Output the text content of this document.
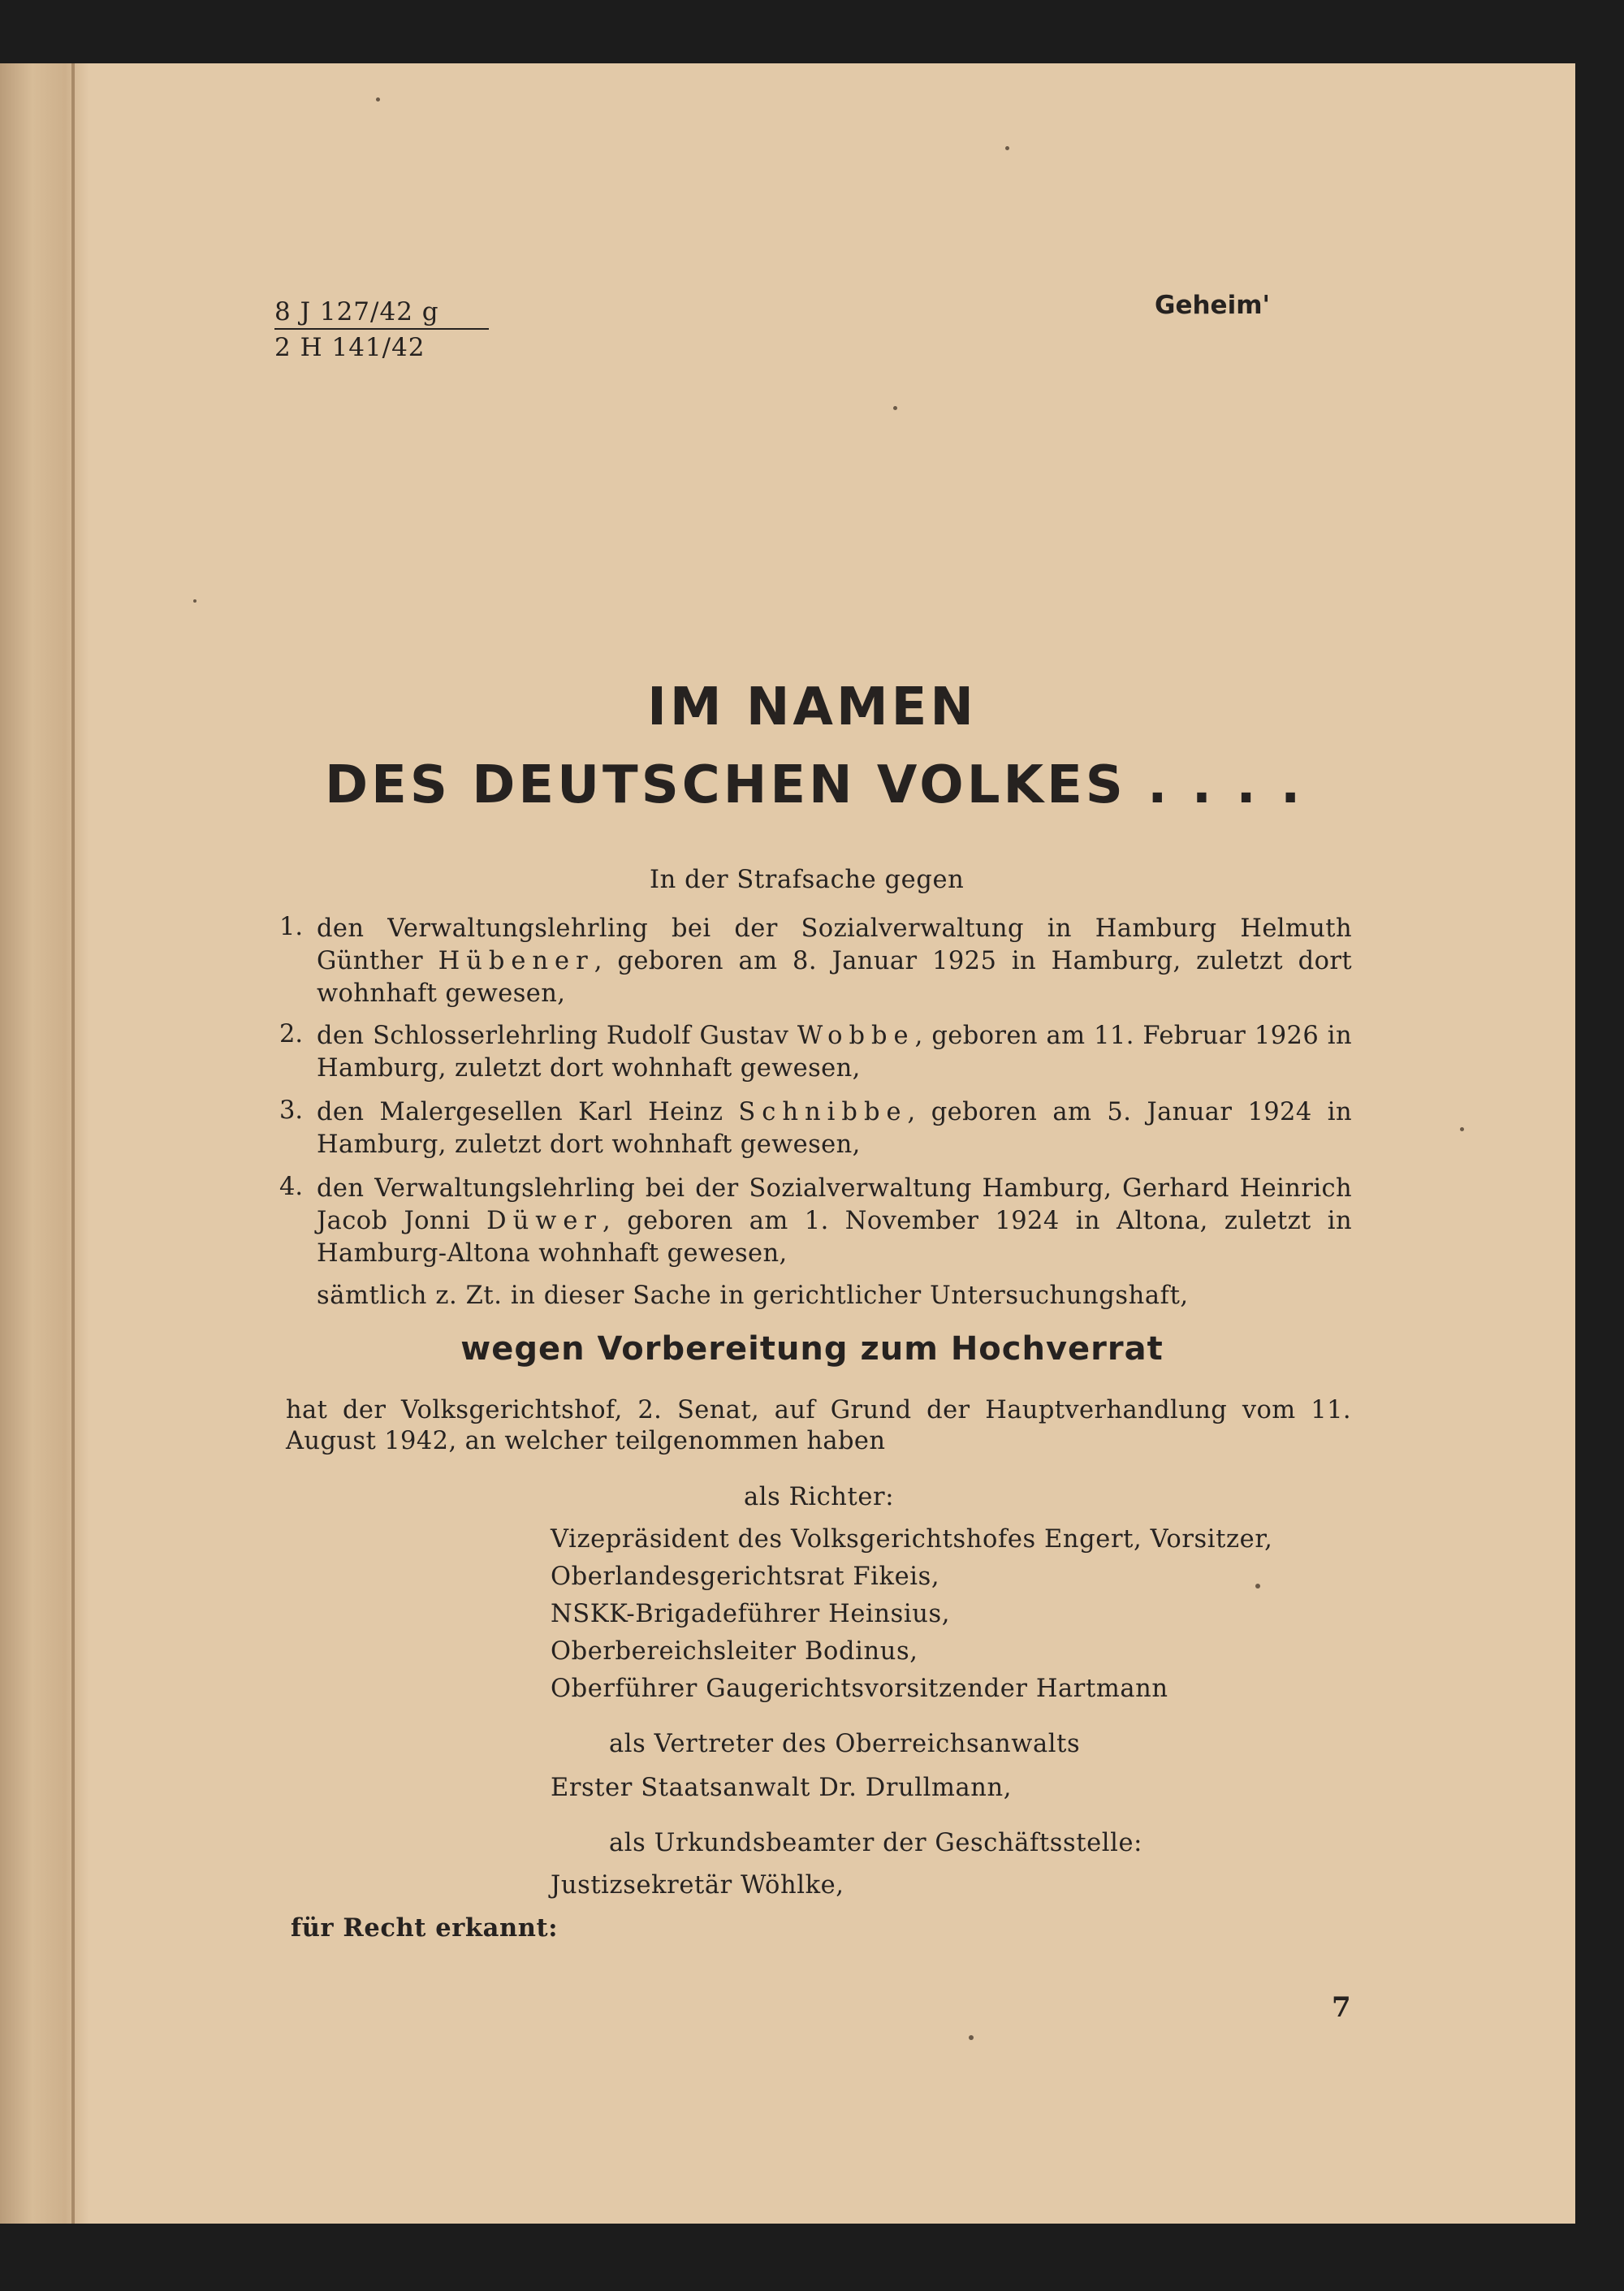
8 J 127/42 g
2 H 141/42
Geheim'
IM NAMEN
DES DEUTSCHEN VOLKES . . . .
In der Strafsache gegen
1. den Verwaltungslehrling bei der Sozialverwaltung in Hamburg Helmuth Günther Hübener, geboren am 8. Januar 1925 in Hamburg, zuletzt dort wohnhaft gewesen,
2. den Schlosserlehrling Rudolf Gustav Wobbe, geboren am 11. Februar 1926 in Hamburg, zuletzt dort wohnhaft gewesen,
3. den Malergesellen Karl Heinz Schnibbe, geboren am 5. Januar 1924 in Hamburg, zuletzt dort wohnhaft gewesen,
4. den Verwaltungslehrling bei der Sozialverwaltung Hamburg, Gerhard Heinrich Jacob Jonni Düwer, geboren am 1. November 1924 in Altona, zuletzt in Hamburg-Altona wohnhaft gewesen,
sämtlich z. Zt. in dieser Sache in gerichtlicher Untersuchungshaft,
wegen Vorbereitung zum Hochverrat
hat der Volksgerichtshof, 2. Senat, auf Grund der Hauptverhandlung vom 11. August 1942, an welcher teilgenommen haben
als Richter:
Vizepräsident des Volksgerichtshofes Engert, Vorsitzer,
Oberlandesgerichtsrat Fikeis,
NSKK-Brigadeführer Heinsius,
Oberbereichsleiter Bodinus,
Oberführer Gaugerichtsvorsitzender Hartmann
als Vertreter des Oberreichsanwalts
Erster Staatsanwalt Dr. Drullmann,
als Urkundsbeamter der Geschäftsstelle:
Justizsekretär Wöhlke,
für Recht erkannt:
7
